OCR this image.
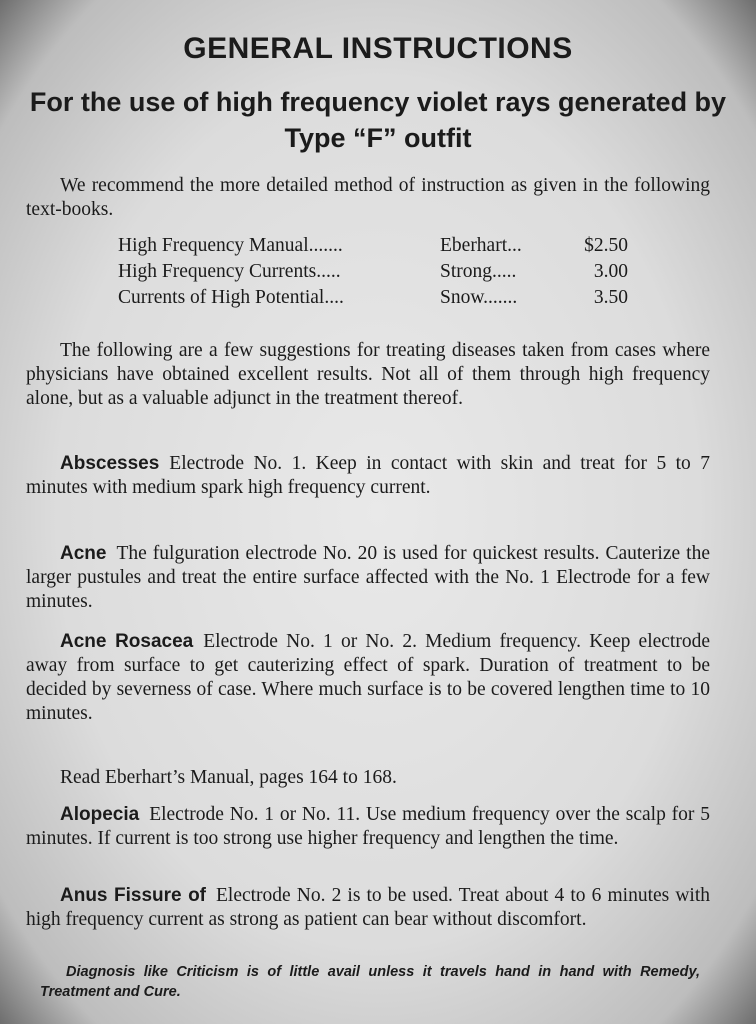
GENERAL INSTRUCTIONS
For the use of high frequency violet rays generated by Type “F” outfit

We recommend the more detailed method of instruction as given in the following text-books.

High Frequency Manual.......	Eberhart...	$2.50
High Frequency Currents.....	Strong.....	3.00
Currents of High Potential....	Snow.......	3.50

The following are a few suggestions for treating diseases taken from cases where physicians have obtained excellent results. Not all of them through high frequency alone, but as a valuable adjunct in the treatment thereof.

Abscesses Electrode No. 1. Keep in contact with skin and treat for 5 to 7 minutes with medium spark high frequency current.

Acne The fulguration electrode No. 20 is used for quickest results. Cauterize the larger pustules and treat the entire surface affected with the No. 1 Electrode for a few minutes.

Acne Rosacea Electrode No. 1 or No. 2. Medium frequency. Keep electrode away from surface to get cauterizing effect of spark. Duration of treatment to be decided by severness of case. Where much surface is to be covered lengthen time to 10 minutes.

Read Eberhart’s Manual, pages 164 to 168.

Alopecia Electrode No. 1 or No. 11. Use medium frequency over the scalp for 5 minutes. If current is too strong use higher frequency and lengthen the time.

Anus Fissure of Electrode No. 2 is to be used. Treat about 4 to 6 minutes with high frequency current as strong as patient can bear without discomfort.

Diagnosis like Criticism is of little avail unless it travels hand in hand with Remedy, Treatment and Cure.
